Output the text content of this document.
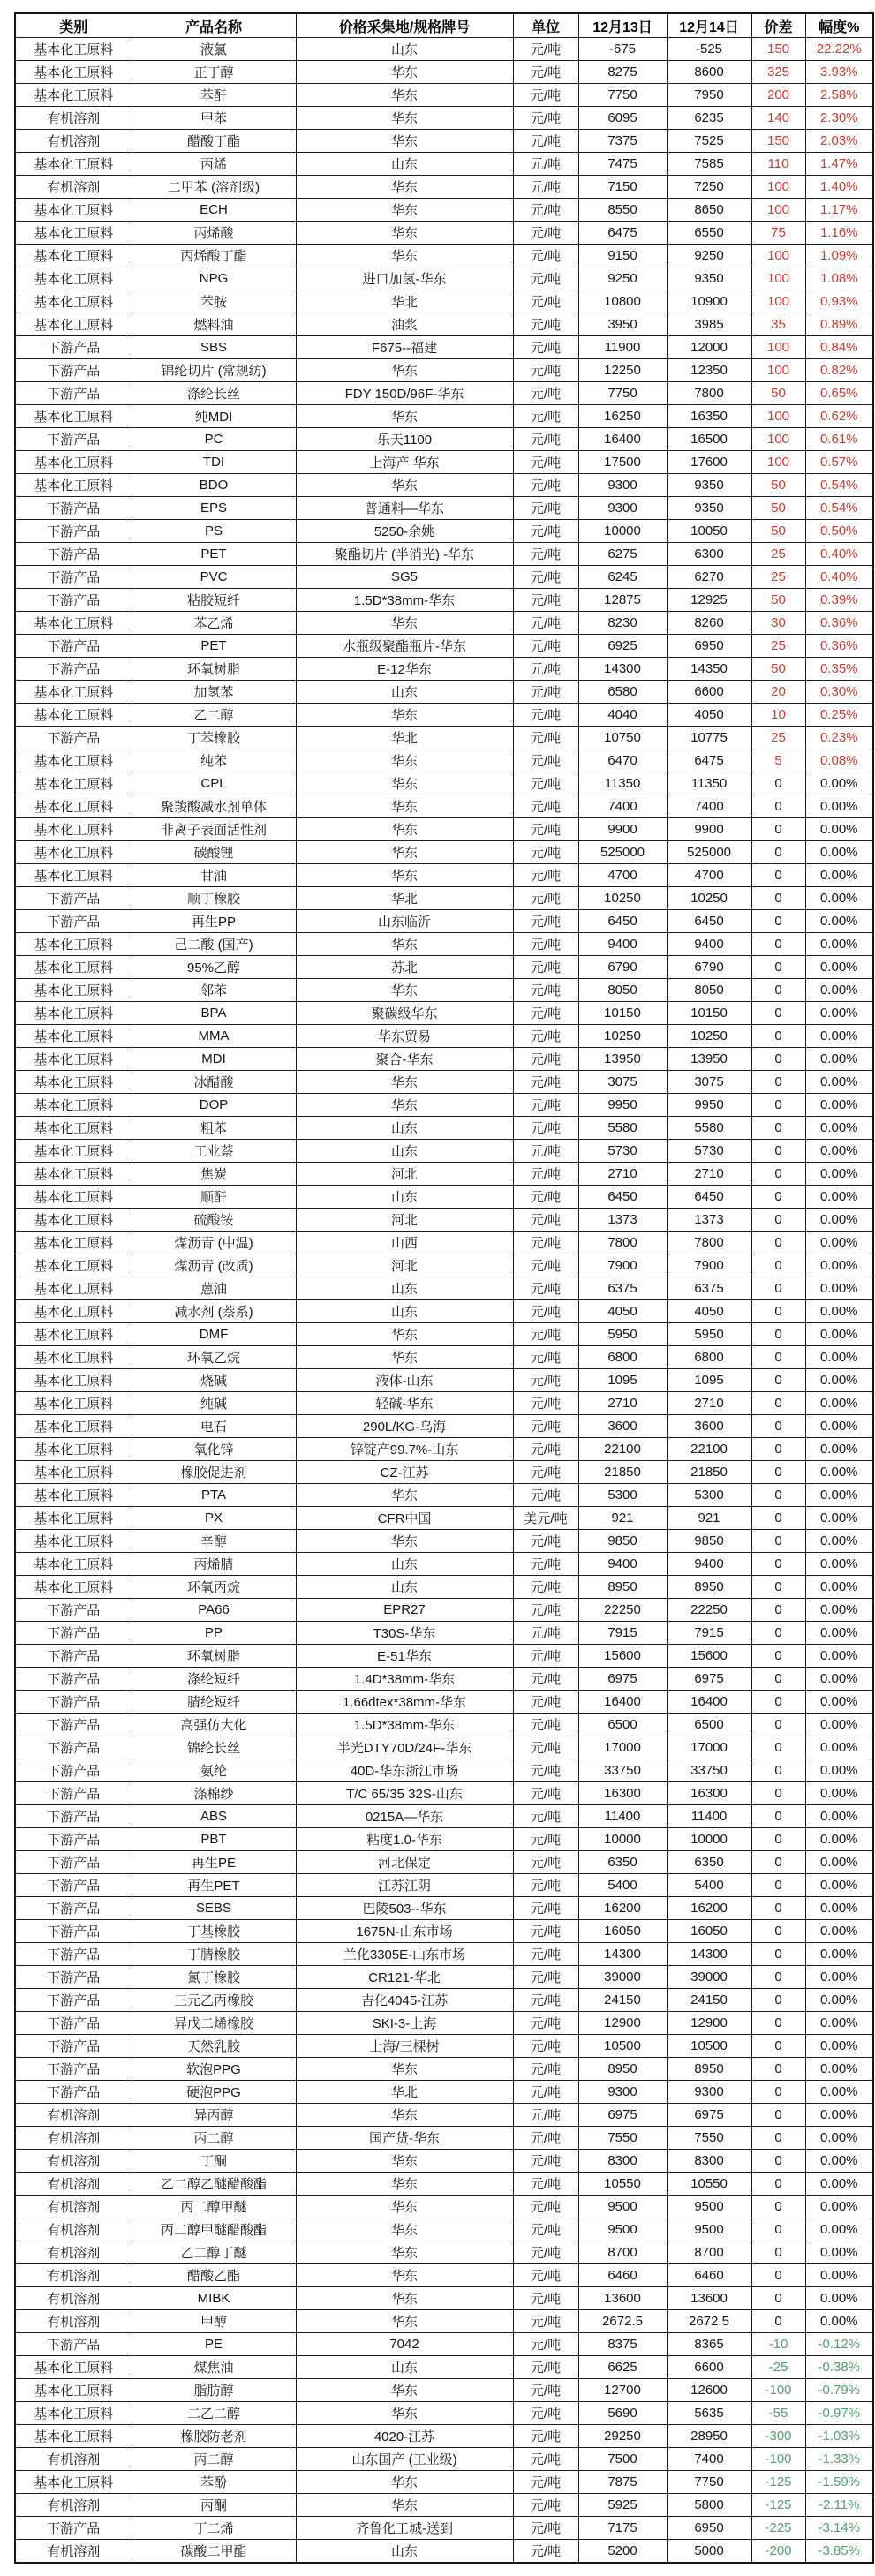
类别	产品名称	价格采集地/规格牌号	单位	12月13日	12月14日	价差	幅度%
基本化工原料	液氯	山东	元/吨	-675	-525	150	22.22%
基本化工原料	正丁醇	华东	元/吨	8275	8600	325	3.93%
基本化工原料	苯酐	华东	元/吨	7750	7950	200	2.58%
有机溶剂	甲苯	华东	元/吨	6095	6235	140	2.30%
有机溶剂	醋酸丁酯	华东	元/吨	7375	7525	150	2.03%
基本化工原料	丙烯	山东	元/吨	7475	7585	110	1.47%
有机溶剂	二甲苯 (溶剂级)	华东	元/吨	7150	7250	100	1.40%
基本化工原料	ECH	华东	元/吨	8550	8650	100	1.17%
基本化工原料	丙烯酸	华东	元/吨	6475	6550	75	1.16%
基本化工原料	丙烯酸丁酯	华东	元/吨	9150	9250	100	1.09%
基本化工原料	NPG	进口加氢-华东	元/吨	9250	9350	100	1.08%
基本化工原料	苯胺	华北	元/吨	10800	10900	100	0.93%
基本化工原料	燃料油	油浆	元/吨	3950	3985	35	0.89%
下游产品	SBS	F675--福建	元/吨	11900	12000	100	0.84%
下游产品	锦纶切片 (常规纺)	华东	元/吨	12250	12350	100	0.82%
下游产品	涤纶长丝	FDY 150D/96F-华东	元/吨	7750	7800	50	0.65%
基本化工原料	纯MDI	华东	元/吨	16250	16350	100	0.62%
下游产品	PC	乐天1100	元/吨	16400	16500	100	0.61%
基本化工原料	TDI	上海产 华东	元/吨	17500	17600	100	0.57%
基本化工原料	BDO	华东	元/吨	9300	9350	50	0.54%
下游产品	EPS	普通料—华东	元/吨	9300	9350	50	0.54%
下游产品	PS	5250-余姚	元/吨	10000	10050	50	0.50%
下游产品	PET	聚酯切片 (半消光) -华东	元/吨	6275	6300	25	0.40%
下游产品	PVC	SG5	元/吨	6245	6270	25	0.40%
下游产品	粘胶短纤	1.5D*38mm-华东	元/吨	12875	12925	50	0.39%
基本化工原料	苯乙烯	华东	元/吨	8230	8260	30	0.36%
下游产品	PET	水瓶级聚酯瓶片-华东	元/吨	6925	6950	25	0.36%
下游产品	环氧树脂	E-12华东	元/吨	14300	14350	50	0.35%
基本化工原料	加氢苯	山东	元/吨	6580	6600	20	0.30%
基本化工原料	乙二醇	华东	元/吨	4040	4050	10	0.25%
下游产品	丁苯橡胶	华北	元/吨	10750	10775	25	0.23%
基本化工原料	纯苯	华东	元/吨	6470	6475	5	0.08%
基本化工原料	CPL	华东	元/吨	11350	11350	0	0.00%
基本化工原料	聚羧酸减水剂单体	华东	元/吨	7400	7400	0	0.00%
基本化工原料	非离子表面活性剂	华东	元/吨	9900	9900	0	0.00%
基本化工原料	碳酸锂	华东	元/吨	525000	525000	0	0.00%
基本化工原料	甘油	华东	元/吨	4700	4700	0	0.00%
下游产品	顺丁橡胶	华北	元/吨	10250	10250	0	0.00%
下游产品	再生PP	山东临沂	元/吨	6450	6450	0	0.00%
基本化工原料	己二酸 (国产)	华东	元/吨	9400	9400	0	0.00%
基本化工原料	95%乙醇	苏北	元/吨	6790	6790	0	0.00%
基本化工原料	邻苯	华东	元/吨	8050	8050	0	0.00%
基本化工原料	BPA	聚碳级华东	元/吨	10150	10150	0	0.00%
基本化工原料	MMA	华东贸易	元/吨	10250	10250	0	0.00%
基本化工原料	MDI	聚合-华东	元/吨	13950	13950	0	0.00%
基本化工原料	冰醋酸	华东	元/吨	3075	3075	0	0.00%
基本化工原料	DOP	华东	元/吨	9950	9950	0	0.00%
基本化工原料	粗苯	山东	元/吨	5580	5580	0	0.00%
基本化工原料	工业萘	山东	元/吨	5730	5730	0	0.00%
基本化工原料	焦炭	河北	元/吨	2710	2710	0	0.00%
基本化工原料	顺酐	山东	元/吨	6450	6450	0	0.00%
基本化工原料	硫酸铵	河北	元/吨	1373	1373	0	0.00%
基本化工原料	煤沥青 (中温)	山西	元/吨	7800	7800	0	0.00%
基本化工原料	煤沥青 (改质)	河北	元/吨	7900	7900	0	0.00%
基本化工原料	蒽油	山东	元/吨	6375	6375	0	0.00%
基本化工原料	减水剂 (萘系)	山东	元/吨	4050	4050	0	0.00%
基本化工原料	DMF	华东	元/吨	5950	5950	0	0.00%
基本化工原料	环氧乙烷	华东	元/吨	6800	6800	0	0.00%
基本化工原料	烧碱	液体-山东	元/吨	1095	1095	0	0.00%
基本化工原料	纯碱	轻碱-华东	元/吨	2710	2710	0	0.00%
基本化工原料	电石	290L/KG-乌海	元/吨	3600	3600	0	0.00%
基本化工原料	氧化锌	锌锭产99.7%-山东	元/吨	22100	22100	0	0.00%
基本化工原料	橡胶促进剂	CZ-江苏	元/吨	21850	21850	0	0.00%
基本化工原料	PTA	华东	元/吨	5300	5300	0	0.00%
基本化工原料	PX	CFR中国	美元/吨	921	921	0	0.00%
基本化工原料	辛醇	华东	元/吨	9850	9850	0	0.00%
基本化工原料	丙烯腈	山东	元/吨	9400	9400	0	0.00%
基本化工原料	环氧丙烷	山东	元/吨	8950	8950	0	0.00%
下游产品	PA66	EPR27	元/吨	22250	22250	0	0.00%
下游产品	PP	T30S-华东	元/吨	7915	7915	0	0.00%
下游产品	环氧树脂	E-51华东	元/吨	15600	15600	0	0.00%
下游产品	涤纶短纤	1.4D*38mm-华东	元/吨	6975	6975	0	0.00%
下游产品	腈纶短纤	1.66dtex*38mm-华东	元/吨	16400	16400	0	0.00%
下游产品	高强仿大化	1.5D*38mm-华东	元/吨	6500	6500	0	0.00%
下游产品	锦纶长丝	半光DTY70D/24F-华东	元/吨	17000	17000	0	0.00%
下游产品	氨纶	40D-华东浙江市场	元/吨	33750	33750	0	0.00%
下游产品	涤棉纱	T/C 65/35 32S-山东	元/吨	16300	16300	0	0.00%
下游产品	ABS	0215A—华东	元/吨	11400	11400	0	0.00%
下游产品	PBT	粘度1.0-华东	元/吨	10000	10000	0	0.00%
下游产品	再生PE	河北保定	元/吨	6350	6350	0	0.00%
下游产品	再生PET	江苏江阴	元/吨	5400	5400	0	0.00%
下游产品	SEBS	巴陵503--华东	元/吨	16200	16200	0	0.00%
下游产品	丁基橡胶	1675N-山东市场	元/吨	16050	16050	0	0.00%
下游产品	丁腈橡胶	兰化3305E-山东市场	元/吨	14300	14300	0	0.00%
下游产品	氯丁橡胶	CR121-华北	元/吨	39000	39000	0	0.00%
下游产品	三元乙丙橡胶	吉化4045-江苏	元/吨	24150	24150	0	0.00%
下游产品	异戊二烯橡胶	SKI-3-上海	元/吨	12900	12900	0	0.00%
下游产品	天然乳胶	上海/三棵树	元/吨	10500	10500	0	0.00%
下游产品	软泡PPG	华东	元/吨	8950	8950	0	0.00%
下游产品	硬泡PPG	华北	元/吨	9300	9300	0	0.00%
有机溶剂	异丙醇	华东	元/吨	6975	6975	0	0.00%
有机溶剂	丙二醇	国产货-华东	元/吨	7550	7550	0	0.00%
有机溶剂	丁酮	华东	元/吨	8300	8300	0	0.00%
有机溶剂	乙二醇乙醚醋酸酯	华东	元/吨	10550	10550	0	0.00%
有机溶剂	丙二醇甲醚	华东	元/吨	9500	9500	0	0.00%
有机溶剂	丙二醇甲醚醋酸酯	华东	元/吨	9500	9500	0	0.00%
有机溶剂	乙二醇丁醚	华东	元/吨	8700	8700	0	0.00%
有机溶剂	醋酸乙酯	华东	元/吨	6460	6460	0	0.00%
有机溶剂	MIBK	华东	元/吨	13600	13600	0	0.00%
有机溶剂	甲醇	华东	元/吨	2672.5	2672.5	0	0.00%
下游产品	PE	7042	元/吨	8375	8365	-10	-0.12%
基本化工原料	煤焦油	山东	元/吨	6625	6600	-25	-0.38%
基本化工原料	脂肪醇	华东	元/吨	12700	12600	-100	-0.79%
基本化工原料	二乙二醇	华东	元/吨	5690	5635	-55	-0.97%
基本化工原料	橡胶防老剂	4020-江苏	元/吨	29250	28950	-300	-1.03%
有机溶剂	丙二醇	山东国产 (工业级)	元/吨	7500	7400	-100	-1.33%
基本化工原料	苯酚	华东	元/吨	7875	7750	-125	-1.59%
有机溶剂	丙酮	华东	元/吨	5925	5800	-125	-2.11%
下游产品	丁二烯	齐鲁化工城-送到	元/吨	7175	6950	-225	-3.14%
有机溶剂	碳酸二甲酯	山东	元/吨	5200	5000	-200	-3.85%
